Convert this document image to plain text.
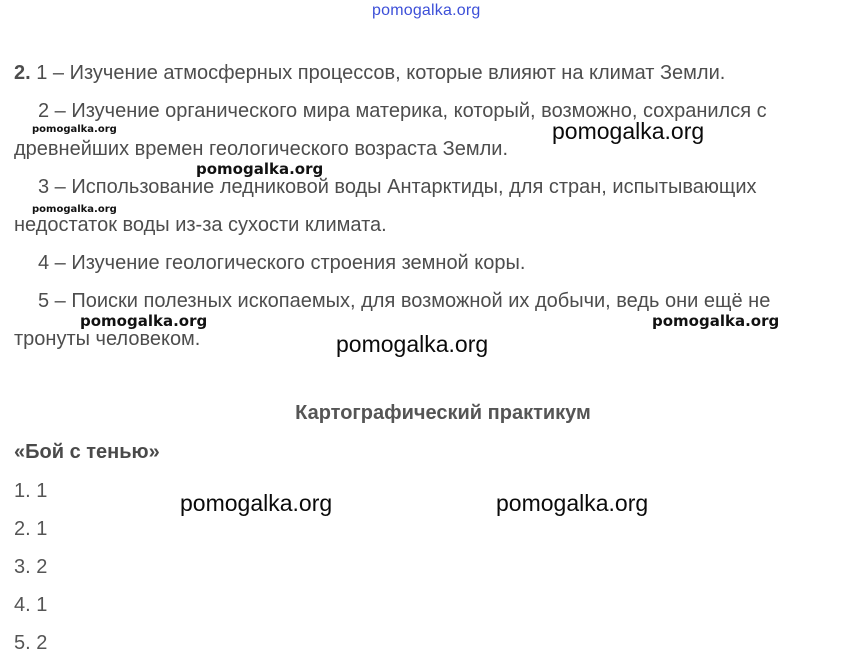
pomogalka.org
2. 1 – Изучение атмосферных процессов, которые влияют на климат Земли.
2 – Изучение органического мира материка, который, возможно, сохранился с
древнейших времен геологического возраста Земли.
3 – Использование ледниковой воды Антарктиды, для стран, испытывающих
недостаток воды из-за сухости климата.
4 – Изучение геологического строения земной коры.
5 – Поиски полезных ископаемых, для возможной их добычи, ведь они ещё не
тронуты человеком.
pomogalka.org	pomogalka.org
pomogalka.org
pomogalka.org
pomogalka.org	pomogalka.org
pomogalka.org
Картографический практикум
«Бой с тенью»
1. 1
2. 1
3. 2
4. 1
5. 2
pomogalka.org	pomogalka.org
